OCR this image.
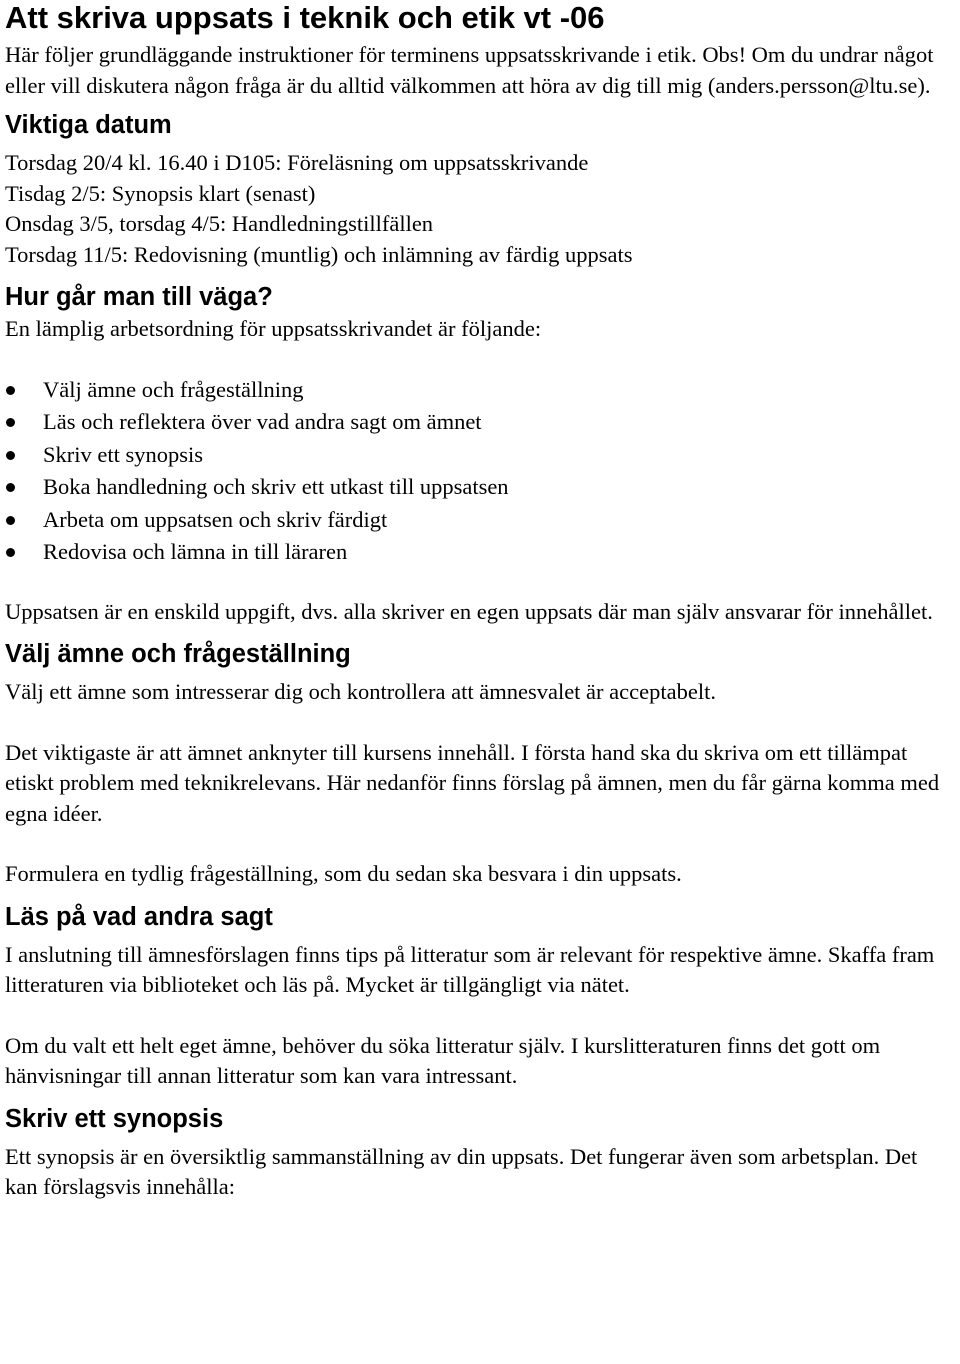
Att skriva uppsats i teknik och etik vt -06

Här följer grundläggande instruktioner för terminens uppsatsskrivande i etik. Obs! Om du undrar något eller vill diskutera någon fråga är du alltid välkommen att höra av dig till mig (anders.persson@ltu.se).

Viktiga datum

Torsdag 20/4 kl. 16.40 i D105: Föreläsning om uppsatsskrivande

Tisdag 2/5: Synopsis klart (senast)

Onsdag 3/5, torsdag 4/5: Handledningstillfällen

Torsdag 11/5: Redovisning (muntlig) och inlämning av färdig uppsats

Hur går man till väga?

En lämplig arbetsordning för uppsatsskrivandet är följande:

Välj ämne och frågeställning
Läs och reflektera över vad andra sagt om ämnet
Skriv ett synopsis
Boka handledning och skriv ett utkast till uppsatsen
Arbeta om uppsatsen och skriv färdigt
Redovisa och lämna in till läraren

Uppsatsen är en enskild uppgift, dvs. alla skriver en egen uppsats där man själv ansvarar för innehållet.

Välj ämne och frågeställning

Välj ett ämne som intresserar dig och kontrollera att ämnesvalet är acceptabelt.

Det viktigaste är att ämnet anknyter till kursens innehåll. I första hand ska du skriva om ett tillämpat etiskt problem med teknikrelevans. Här nedanför finns förslag på ämnen, men du får gärna komma med egna idéer.

Formulera en tydlig frågeställning, som du sedan ska besvara i din uppsats.

Läs på vad andra sagt

I anslutning till ämnesförslagen finns tips på litteratur som är relevant för respektive ämne. Skaffa fram litteraturen via biblioteket och läs på. Mycket är tillgängligt via nätet.

Om du valt ett helt eget ämne, behöver du söka litteratur själv. I kurslitteraturen finns det gott om hänvisningar till annan litteratur som kan vara intressant.

Skriv ett synopsis

Ett synopsis är en översiktlig sammanställning av din uppsats. Det fungerar även som arbetsplan. Det kan förslagsvis innehålla:
